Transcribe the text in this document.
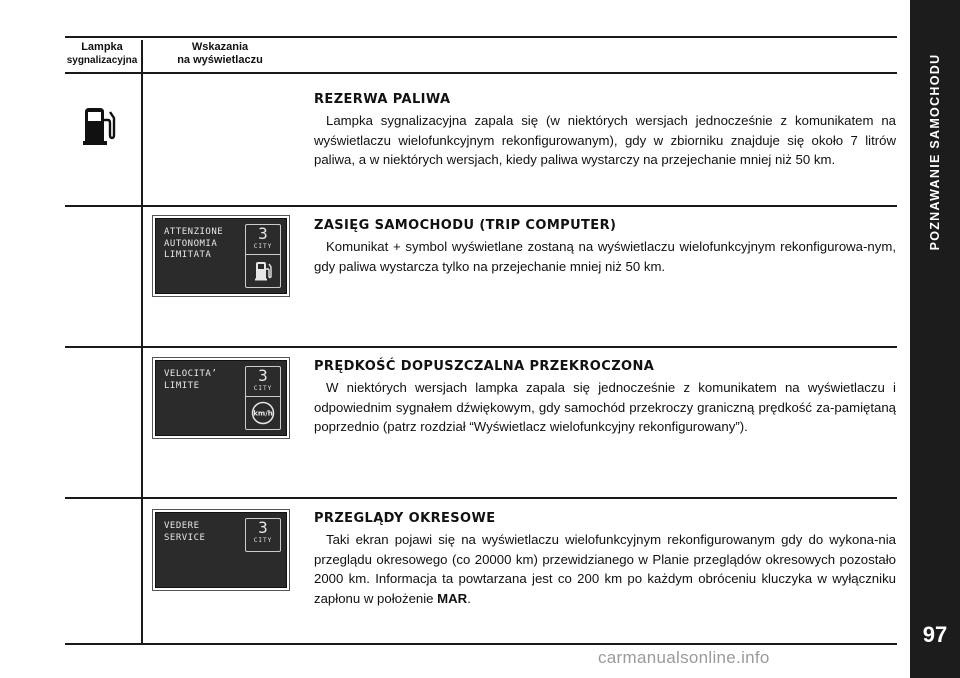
POZNAWANIE SAMOCHODU
97
Lampka
sygnalizacyjna
Wskazania
na wyświetlaczu
REZERWA PALIWA

Lampka sygnalizacyjna zapala się (w niektórych wersjach jednocześnie z komunikatem na wyświetlaczu wielofunkcyjnym rekonfigurowanym), gdy w zbiorniku znajduje się około 7 litrów paliwa, a w niektórych wersjach, kiedy paliwa wystarczy na przejechanie mniej niż 50 km.

ATTENZIONE
AUTONOMIA
LIMITATA
3
CITY
ZASIĘG SAMOCHODU (TRIP COMPUTER)

Komunikat + symbol wyświetlane zostaną na wyświetlaczu wielofunkcyjnym rekonfigurowa-nym, gdy paliwa wystarcza tylko na przejechanie mniej niż 50 km.

VELOCITA’
LIMITE
3
CITY
km/h
PRĘDKOŚĆ DOPUSZCZALNA PRZEKROCZONA

W niektórych wersjach lampka zapala się jednocześnie z komunikatem na wyświetlaczu i odpowiednim sygnałem dźwiękowym, gdy samochód przekroczy graniczną prędkość za-pamiętaną poprzednio (patrz rozdział “Wyświetlacz wielofunkcyjny rekonfigurowany”).

VEDERE
SERVICE
3
CITY
PRZEGLĄDY OKRESOWE

Taki ekran pojawi się na wyświetlaczu wielofunkcyjnym rekonfigurowanym gdy do wykona-nia przeglądu okresowego (co 20000 km) przewidzianego w Planie przeglądów okresowych pozostało 2000 km. Informacja ta powtarzana jest co 200 km po każdym obróceniu kluczyka w wyłączniku zapłonu w położenie MAR.

carmanualsonline.info
